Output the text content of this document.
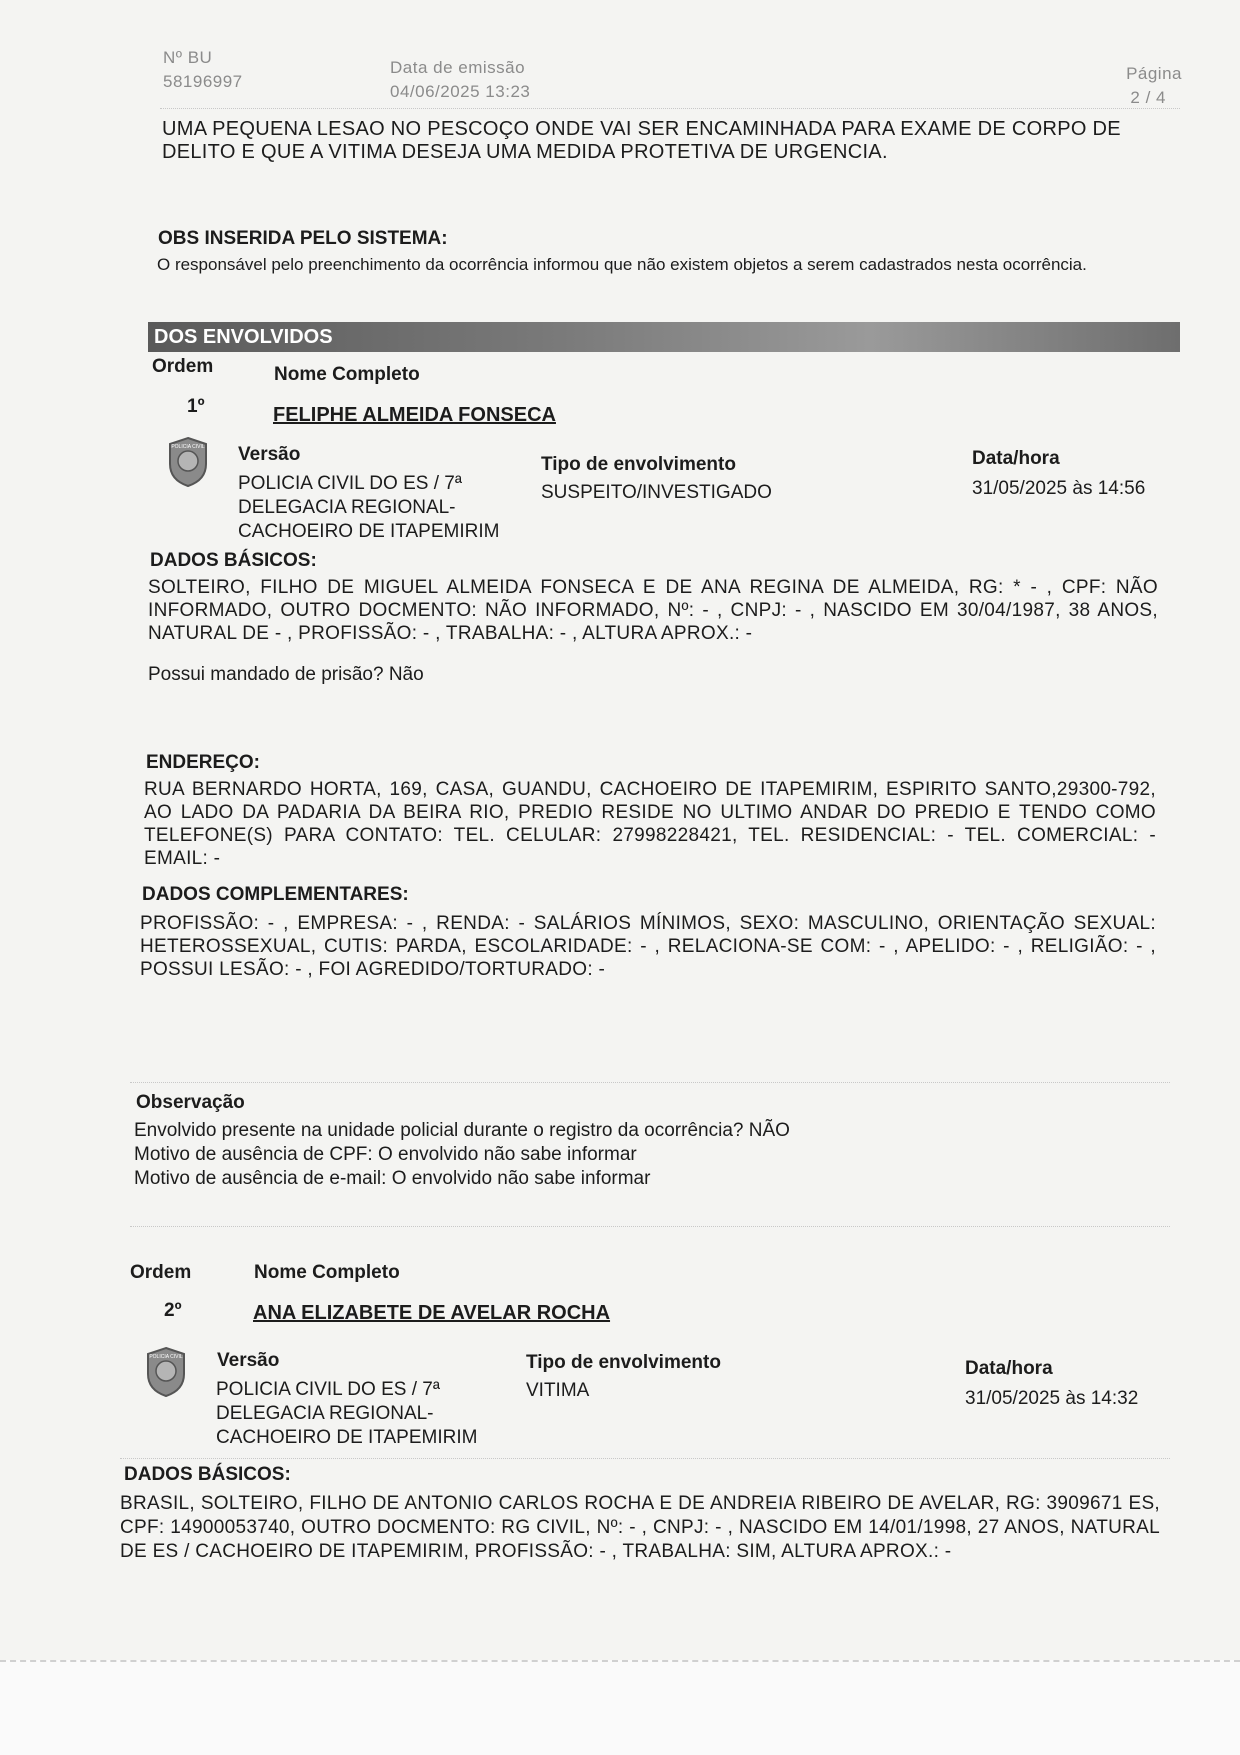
Nº BU
58196997
Data de emissão
04/06/2025 13:23
Página
2 / 4
UMA PEQUENA LESAO NO PESCOÇO ONDE VAI SER ENCAMINHADA PARA EXAME DE CORPO DE DELITO E QUE A VITIMA DESEJA UMA MEDIDA PROTETIVA DE URGENCIA.
OBS INSERIDA PELO SISTEMA:
O responsável pelo preenchimento da ocorrência informou que não existem objetos a serem cadastrados nesta ocorrência.
DOS ENVOLVIDOS
Ordem	Nome Completo
1º	FELIPHE ALMEIDA FONSECA
POLICIA CIVIL Versão
POLICIA CIVIL DO ES / 7ª DELEGACIA REGIONAL-CACHOEIRO DE ITAPEMIRIM
Tipo de envolvimento
SUSPEITO/INVESTIGADO
Data/hora
31/05/2025 às 14:56
DADOS BÁSICOS:
SOLTEIRO, FILHO DE MIGUEL ALMEIDA FONSECA E DE ANA REGINA DE ALMEIDA, RG: * - , CPF: NÃO INFORMADO, OUTRO DOCMENTO: NÃO INFORMADO, Nº: - , CNPJ: - , NASCIDO EM 30/04/1987, 38 ANOS, NATURAL DE - , PROFISSÃO: - , TRABALHA: - , ALTURA APROX.: -
Possui mandado de prisão? Não
ENDEREÇO:
RUA BERNARDO HORTA, 169, CASA, GUANDU, CACHOEIRO DE ITAPEMIRIM, ESPIRITO SANTO,29300-792, AO LADO DA PADARIA DA BEIRA RIO, PREDIO RESIDE NO ULTIMO ANDAR DO PREDIO E TENDO COMO TELEFONE(S) PARA CONTATO: TEL. CELULAR: 27998228421, TEL. RESIDENCIAL: - TEL. COMERCIAL: - EMAIL: -
DADOS COMPLEMENTARES:
PROFISSÃO: - , EMPRESA: - , RENDA: - SALÁRIOS MÍNIMOS, SEXO: MASCULINO, ORIENTAÇÃO SEXUAL: HETEROSSEXUAL, CUTIS: PARDA, ESCOLARIDADE: - , RELACIONA-SE COM: - , APELIDO: - , RELIGIÃO: - , POSSUI LESÃO: - , FOI AGREDIDO/TORTURADO: -
Observação
Envolvido presente na unidade policial durante o registro da ocorrência? NÃO
Motivo de ausência de CPF: O envolvido não sabe informar
Motivo de ausência de e-mail: O envolvido não sabe informar
Ordem	Nome Completo
2º	ANA ELIZABETE DE AVELAR ROCHA
POLICIA CIVIL Versão
POLICIA CIVIL DO ES / 7ª DELEGACIA REGIONAL-CACHOEIRO DE ITAPEMIRIM
Tipo de envolvimento
VITIMA
Data/hora
31/05/2025 às 14:32
DADOS BÁSICOS:
BRASIL, SOLTEIRO, FILHO DE ANTONIO CARLOS ROCHA E DE ANDREIA RIBEIRO DE AVELAR, RG: 3909671 ES, CPF: 14900053740, OUTRO DOCMENTO: RG CIVIL, Nº: - , CNPJ: - , NASCIDO EM 14/01/1998, 27 ANOS, NATURAL DE ES / CACHOEIRO DE ITAPEMIRIM, PROFISSÃO: - , TRABALHA: SIM, ALTURA APROX.: -
